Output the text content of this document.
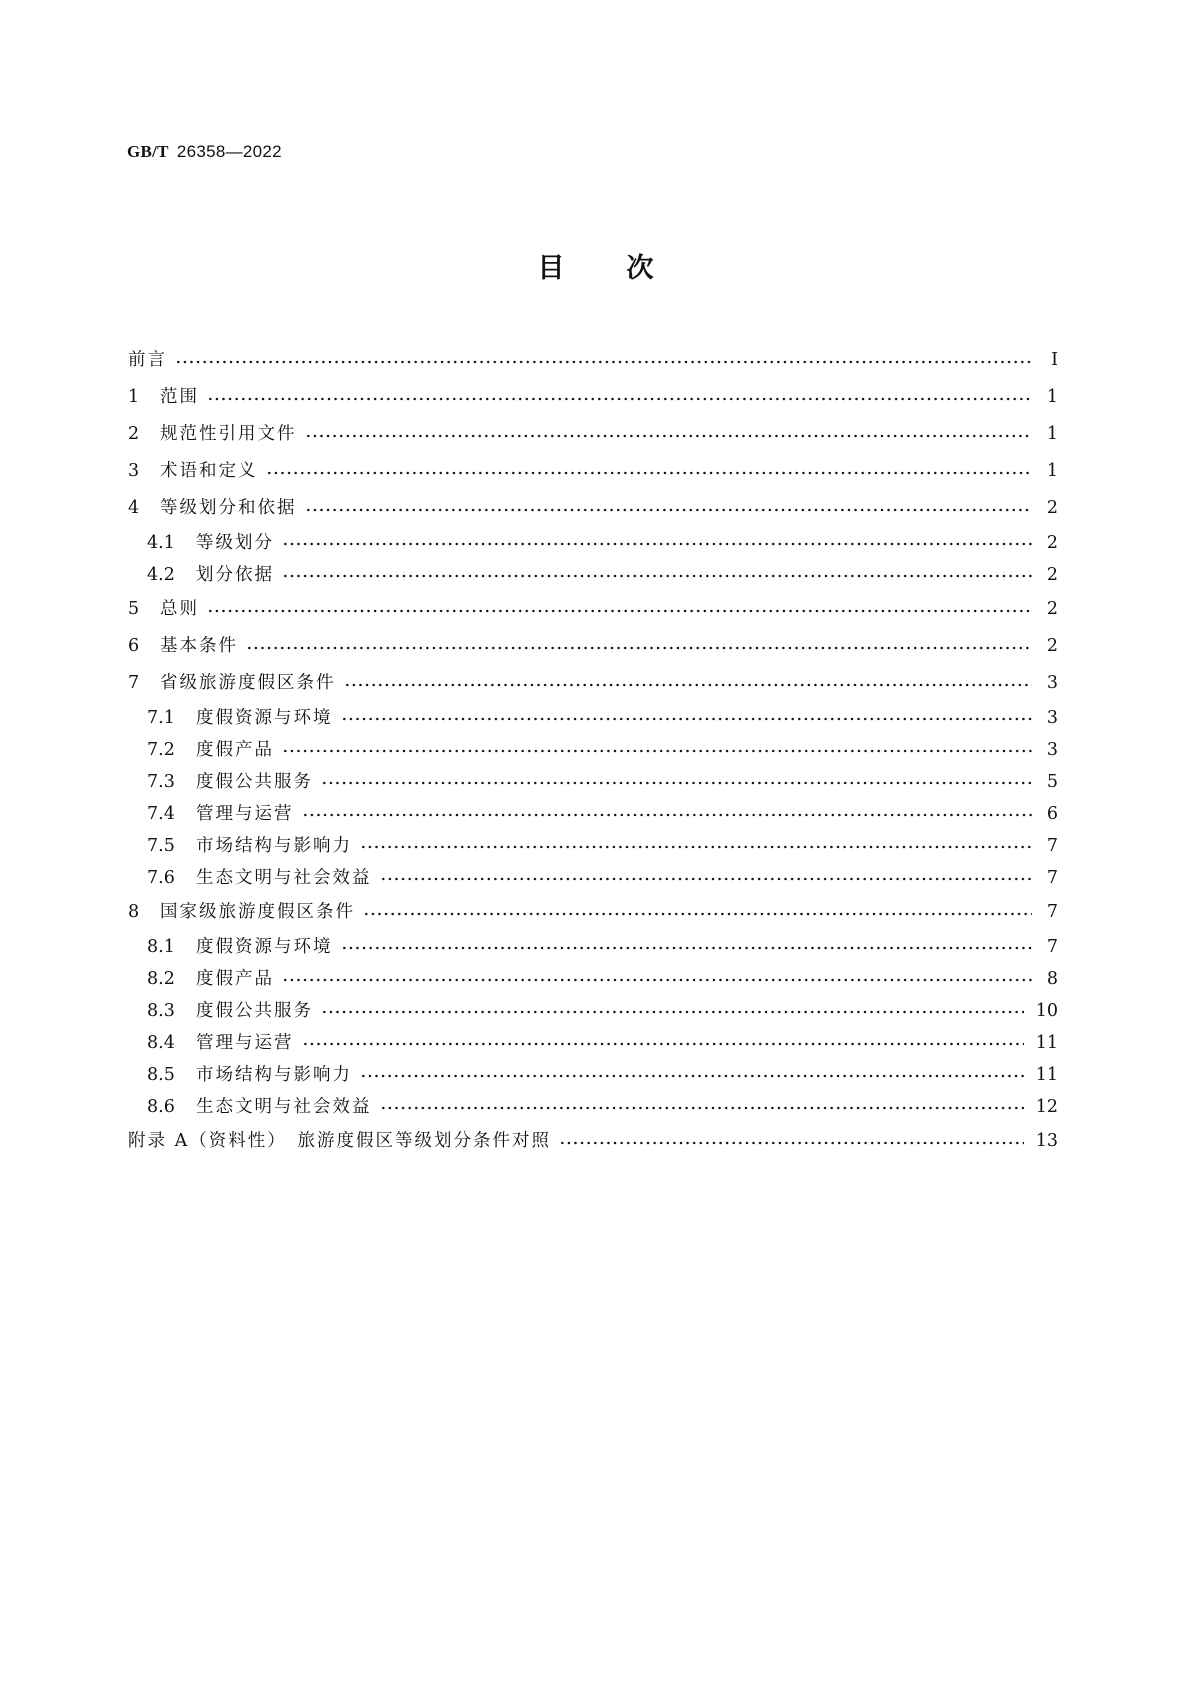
GB/T 26358—2022
目 次
前言	Ⅰ
1	范围	1
2	规范性引用文件	1
3	术语和定义	1
4	等级划分和依据	2
4.1	等级划分	2
4.2	划分依据	2
5	总则	2
6	基本条件	2
7	省级旅游度假区条件	3
7.1	度假资源与环境	3
7.2	度假产品	3
7.3	度假公共服务	5
7.4	管理与运营	6
7.5	市场结构与影响力	7
7.6	生态文明与社会效益	7
8	国家级旅游度假区条件	7
8.1	度假资源与环境	7
8.2	度假产品	8
8.3	度假公共服务	10
8.4	管理与运营	11
8.5	市场结构与影响力	11
8.6	生态文明与社会效益	12
附录 A（资料性）　旅游度假区等级划分条件对照	13
